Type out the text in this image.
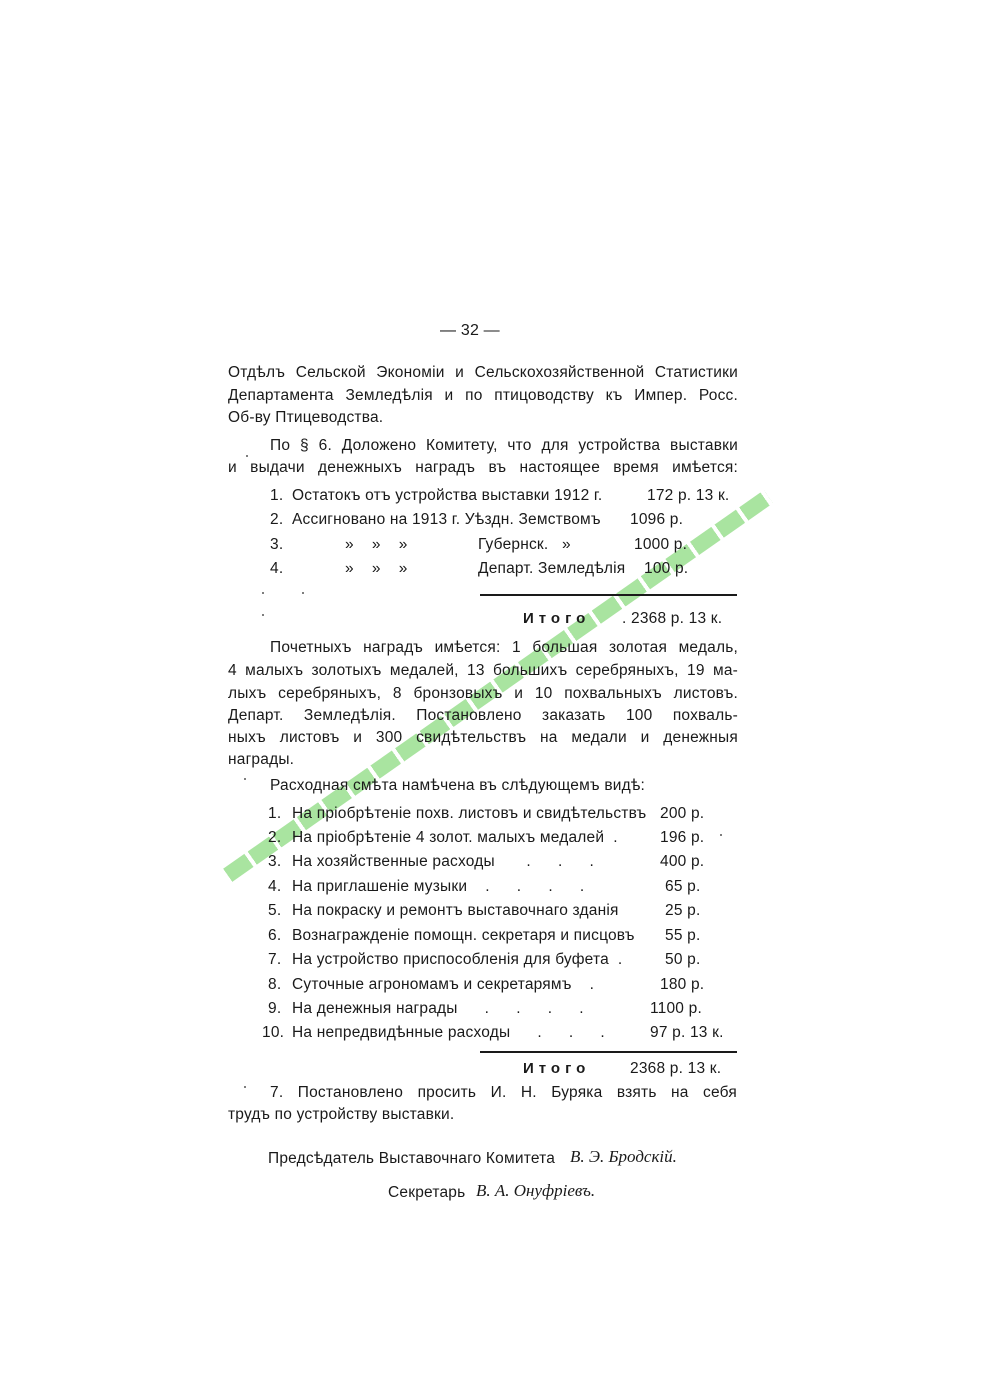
— 32 —
Отдѣлъ Сельской Экономіи и Сельскохозяйственной Статистики
Департамента Земледѣлія и по птицоводству къ Импер. Росс.
Об-ву Птицеводства.
По § 6. Доложено Комитету, что для устройства выставки
и выдачи денежныхъ наградъ въ настоящее время имѣется:
1. Остатокъ отъ устройства выставки 1912 г.	172 р. 13 к.
2. Ассигновано на 1913 г. Уѣздн. Земствомъ 1096 р.
3.	»    »    »	Губернск.   »	1000 р.
4.	»    »    »	Департ. Земледѣлія 100 р.
Итого . 2368 р. 13 к.
Почетныхъ наградъ имѣется: 1 большая золотая медаль,
4 малыхъ золотыхъ медалей, 13 большихъ серебряныхъ, 19 ма-
лыхъ серебряныхъ, 8 бронзовыхъ и 10 похвальныхъ листовъ.
Департ. Земледѣлія. Постановлено заказать 100 похваль-
ныхъ листовъ и 300 свидѣтельствъ на медали и денежныя
награды.
Расходная смѣта намѣчена въ слѣдующемъ видѣ:
1. На пріобрѣтеніе похв. листовъ и свидѣтельствъ 200 р.
2. На пріобрѣтеніе 4 золот. малыхъ медалей  .	196 р.
3. На хозяйственные расходы       .      .      .	400 р.
4. На приглашеніе музыки    .      .      .      .	65 р.
5. На покраску и ремонтъ выставочнаго зданія	25 р.
6. Вознагражденіе помощн. секретаря и писцовъ 55 р.
7. На устройство приспособленія для буфета  .	50 р.
8. Суточные агрономамъ и секретарямъ    .	180 р.
9. На денежныя награды      .      .      .      .	1100 р.
10. На непредвидѣнные расходы      .      .      .	97 р. 13 к.
Итого	2368 р. 13 к.
7. Постановлено просить И. Н. Буряка взять на себя
трудъ по устройству выставки.
Предсѣдатель Выставочнаго Комитета В. Э. Бродскій.
Секретарь В. А. Онуфріевъ.
